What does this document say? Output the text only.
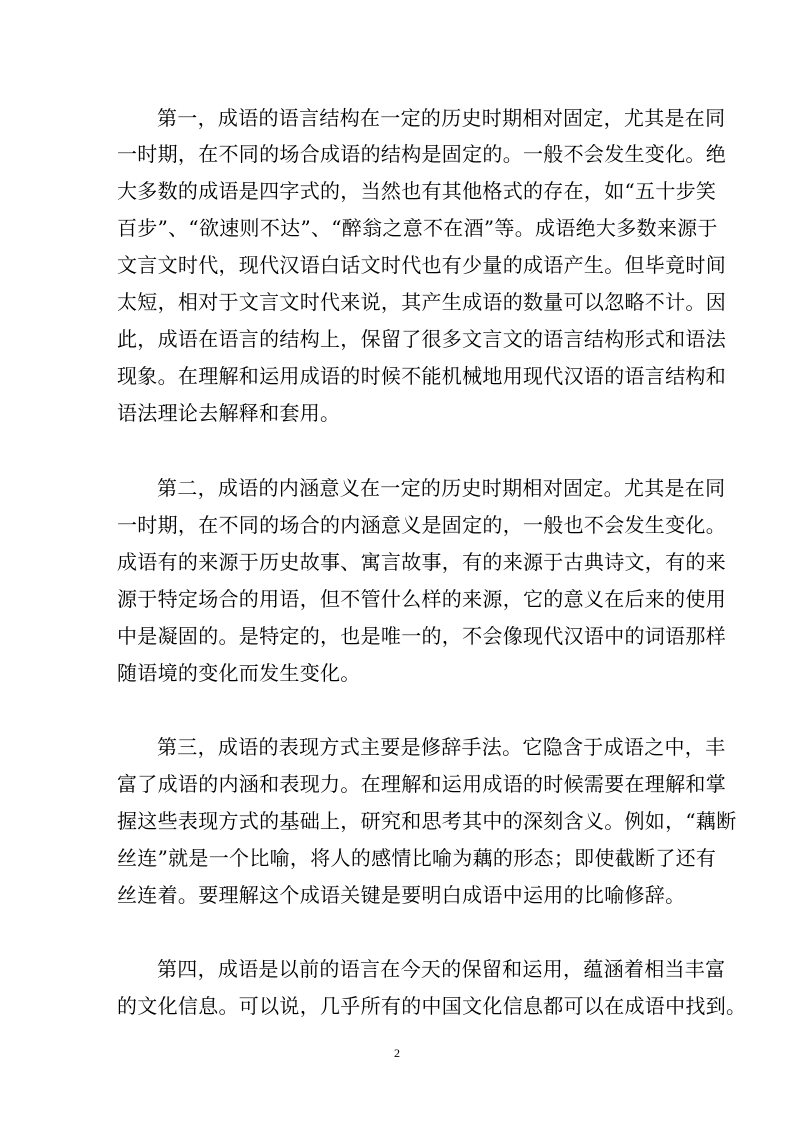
第一，成语的语言结构在一定的历史时期相对固定，尤其是在同
一时期，在不同的场合成语的结构是固定的。一般不会发生变化。绝
大多数的成语是四字式的，当然也有其他格式的存在，如“五十步笑
百步”、“欲速则不达”、“醉翁之意不在酒”等。成语绝大多数来源于
文言文时代，现代汉语白话文时代也有少量的成语产生。但毕竟时间
太短，相对于文言文时代来说，其产生成语的数量可以忽略不计。因
此，成语在语言的结构上，保留了很多文言文的语言结构形式和语法
现象。在理解和运用成语的时候不能机械地用现代汉语的语言结构和
语法理论去解释和套用。
第二，成语的内涵意义在一定的历史时期相对固定。尤其是在同
一时期，在不同的场合的内涵意义是固定的，一般也不会发生变化。
成语有的来源于历史故事、寓言故事，有的来源于古典诗文，有的来
源于特定场合的用语，但不管什么样的来源，它的意义在后来的使用
中是凝固的。是特定的，也是唯一的，不会像现代汉语中的词语那样
随语境的变化而发生变化。
第三，成语的表现方式主要是修辞手法。它隐含于成语之中，丰
富了成语的内涵和表现力。在理解和运用成语的时候需要在理解和掌
握这些表现方式的基础上，研究和思考其中的深刻含义。例如，“藕断
丝连”就是一个比喻，将人的感情比喻为藕的形态；即使截断了还有
丝连着。要理解这个成语关键是要明白成语中运用的比喻修辞。
第四，成语是以前的语言在今天的保留和运用，蕴涵着相当丰富
的文化信息。可以说，几乎所有的中国文化信息都可以在成语中找到。
2
